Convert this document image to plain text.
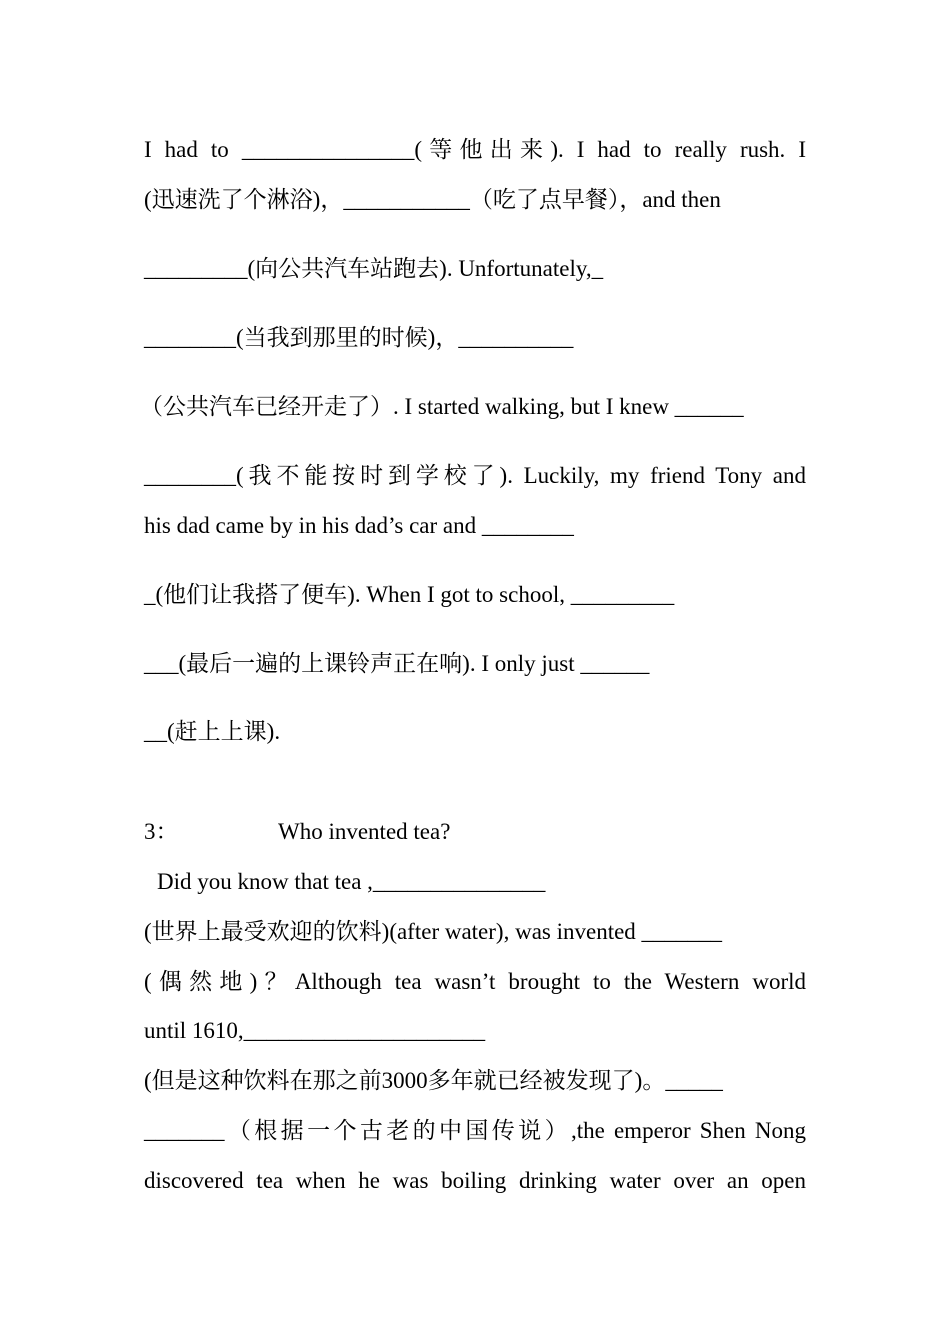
I had to _______________(等他出来). I had to really rush. I
(迅速洗了个淋浴)，___________（吃了点早餐），and then
_________(向公共汽车站跑去). Unfortunately,_
________(当我到那里的时候)，__________
（公共汽车已经开走了）. I started walking, but I knew ______
________(我不能按时到学校了). Luckily, my friend Tony and
his dad came by in his dad’s car and ________
_(他们让我搭了便车). When I got to school, _________
___(最后一遍的上课铃声正在响). I only just ______
__(赶上上课).
3：	Who invented tea?
Did you know that tea ,_______________
(世界上最受欢迎的饮料)(after water), was invented _______
(偶然地)？Although tea wasn’t brought to the Western world
until 1610,_____________________
(但是这种饮料在那之前3000多年就已经被发现了)。_____
_______（根据一个古老的中国传说）,the emperor Shen Nong
discovered tea when he was boiling drinking water over an open
